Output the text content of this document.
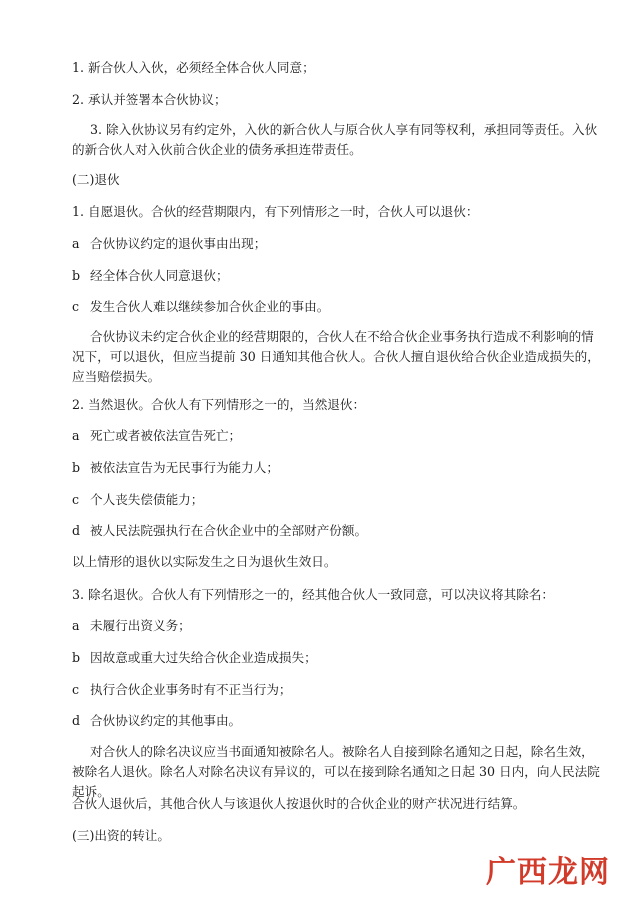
1. 新合伙人入伙，必须经全体合伙人同意；

2. 承认并签署本合伙协议；

3. 除入伙协议另有约定外，入伙的新合伙人与原合伙人享有同等权利，承担同等责任。入伙的新合伙人对入伙前合伙企业的债务承担连带责任。

(二)退伙

1. 自愿退伙。合伙的经营期限内，有下列情形之一时，合伙人可以退伙：

a 合伙协议约定的退伙事由出现；

b 经全体合伙人同意退伙；

c 发生合伙人难以继续参加合伙企业的事由。

合伙协议未约定合伙企业的经营期限的，合伙人在不给合伙企业事务执行造成不利影响的情况下，可以退伙，但应当提前 30 日通知其他合伙人。合伙人擅自退伙给合伙企业造成损失的，应当赔偿损失。

2. 当然退伙。合伙人有下列情形之一的，当然退伙：

a 死亡或者被依法宣告死亡；

b 被依法宣告为无民事行为能力人；

c 个人丧失偿债能力；

d 被人民法院强执行在合伙企业中的全部财产份额。

以上情形的退伙以实际发生之日为退伙生效日。

3. 除名退伙。合伙人有下列情形之一的，经其他合伙人一致同意，可以决议将其除名：

a 未履行出资义务；

b 因故意或重大过失给合伙企业造成损失；

c 执行合伙企业事务时有不正当行为；

d 合伙协议约定的其他事由。

对合伙人的除名决议应当书面通知被除名人。被除名人自接到除名通知之日起，除名生效，被除名人退伙。除名人对除名决议有异议的，可以在接到除名通知之日起 30 日内，向人民法院起诉。

合伙人退伙后，其他合伙人与该退伙人按退伙时的合伙企业的财产状况进行结算。

(三)出资的转让。

广西龙网
